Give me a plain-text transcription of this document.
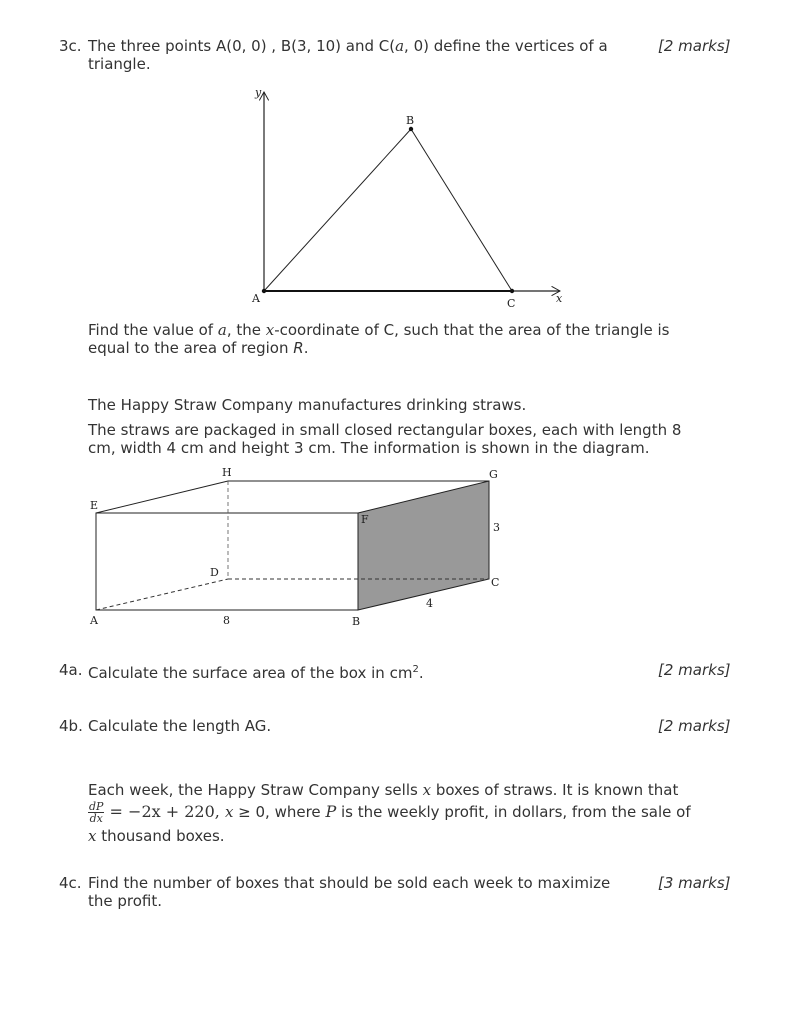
3c. The three points A(0, 0) , B(3, 10) and C(a, 0) define the vertices of a
triangle.
[2 marks]
y
x
A
B
C
Find the value of a, the x-coordinate of C, such that the area of the triangle is
equal to the area of region R.
The Happy Straw Company manufactures drinking straws.
The straws are packaged in small closed rectangular boxes, each with length 8
cm, width 4 cm and height 3 cm. The information is shown in the diagram.
E
H	G
F
3
D
C
4
A	8	B
4a. Calculate the surface area of the box in $cm^2$.	[2 marks]
4b. Calculate the length AG.	[2 marks]
Each week, the Happy Straw Company sells x boxes of straws. It is known that
$\frac{dP}{dx} = -2x + 220$, x ≥ 0, where P is the weekly profit, in dollars, from the sale of
x thousand boxes.
4c. Find the number of boxes that should be sold each week to maximize
the profit.
[3 marks]
